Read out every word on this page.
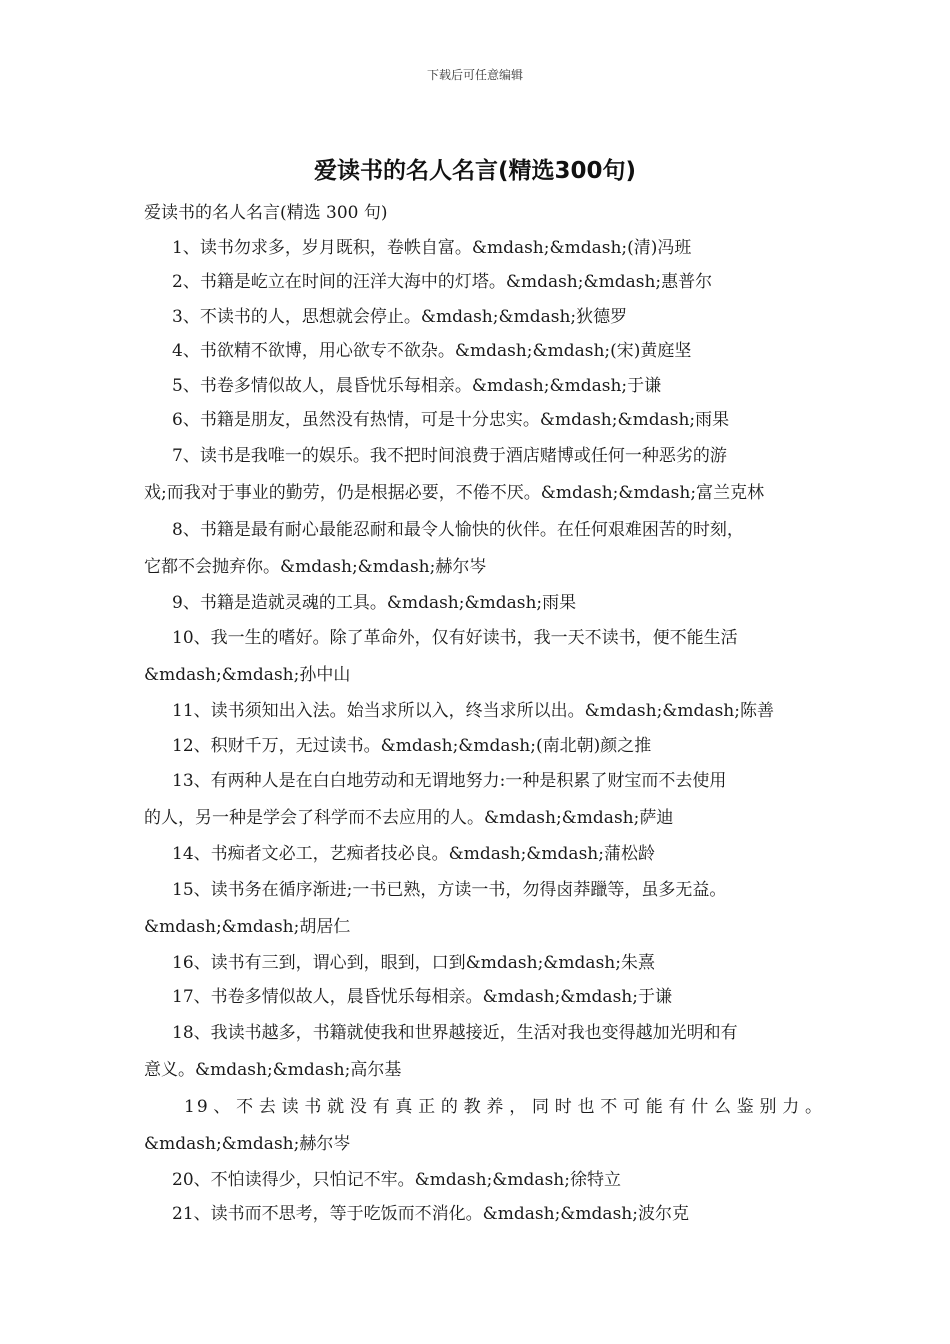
下载后可任意编辑
爱读书的名人名言(精选300句)
爱读书的名人名言(精选 300 句)
1、读书勿求多，岁月既积，卷帙自富。&mdash;&mdash;(清)冯班
2、书籍是屹立在时间的汪洋大海中的灯塔。&mdash;&mdash;惠普尔
3、不读书的人，思想就会停止。&mdash;&mdash;狄德罗
4、书欲精不欲博，用心欲专不欲杂。&mdash;&mdash;(宋)黄庭坚
5、书卷多情似故人，晨昏忧乐每相亲。&mdash;&mdash;于谦
6、书籍是朋友，虽然没有热情，可是十分忠实。&mdash;&mdash;雨果
7、读书是我唯一的娱乐。我不把时间浪费于酒店赌博或任何一种恶劣的游
戏;而我对于事业的勤劳，仍是根据必要，不倦不厌。&mdash;&mdash;富兰克林
8、书籍是最有耐心最能忍耐和最令人愉快的伙伴。在任何艰难困苦的时刻，
它都不会抛弃你。&mdash;&mdash;赫尔岑
9、书籍是造就灵魂的工具。&mdash;&mdash;雨果
10、我一生的嗜好。除了革命外，仅有好读书，我一天不读书，便不能生活
&mdash;&mdash;孙中山
11、读书须知出入法。始当求所以入，终当求所以出。&mdash;&mdash;陈善
12、积财千万，无过读书。&mdash;&mdash;(南北朝)颜之推
13、有两种人是在白白地劳动和无谓地努力:一种是积累了财宝而不去使用
的人，另一种是学会了科学而不去应用的人。&mdash;&mdash;萨迪
14、书痴者文必工，艺痴者技必良。&mdash;&mdash;蒲松龄
15、读书务在循序渐进;一书已熟，方读一书，勿得卤莽躐等，虽多无益。
&mdash;&mdash;胡居仁
16、读书有三到，谓心到，眼到，口到&mdash;&mdash;朱熹
17、书卷多情似故人，晨昏忧乐每相亲。&mdash;&mdash;于谦
18、我读书越多，书籍就使我和世界越接近，生活对我也变得越加光明和有
意义。&mdash;&mdash;高尔基
19、不去读书就没有真正的教养，同时也不可能有什么鉴别力。
&mdash;&mdash;赫尔岑
20、不怕读得少，只怕记不牢。&mdash;&mdash;徐特立
21、读书而不思考，等于吃饭而不消化。&mdash;&mdash;波尔克
